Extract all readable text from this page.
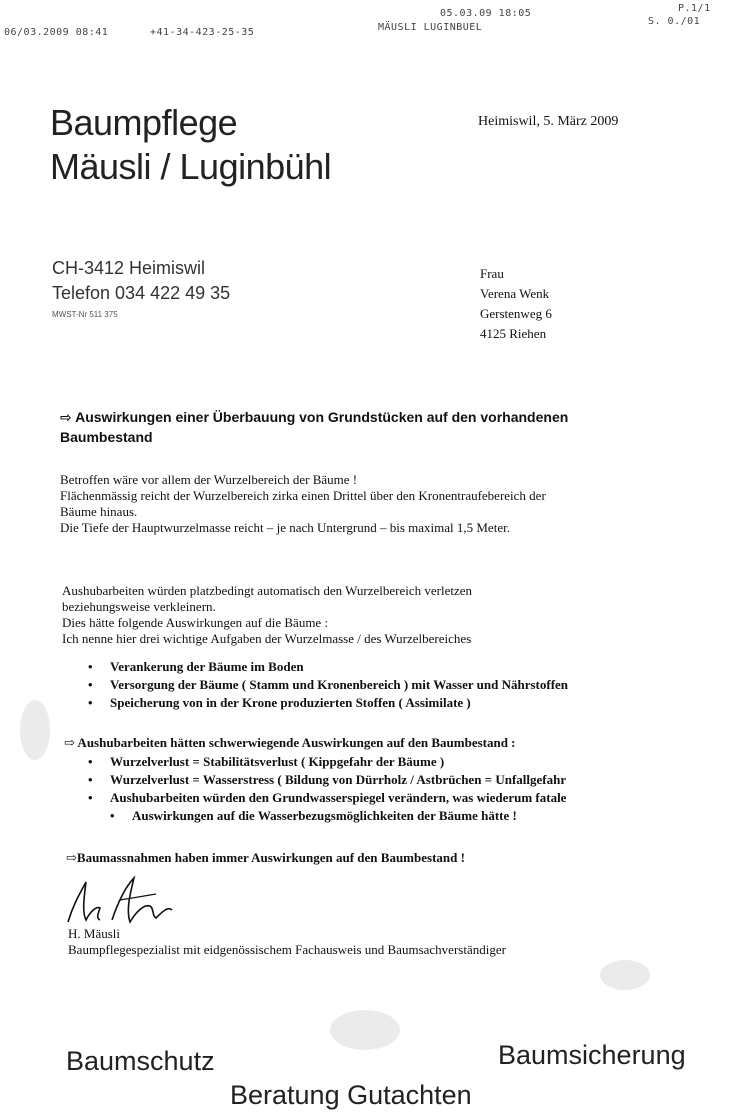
06/03.2009 08:41	+41-34-423-25-35
05.03.09 18:05
MÄUSLI LUGINBUEL
P.1/1
S. 0./01
Baumpflege
Mäusli / Luginbühl
CH-3412 Heimiswil
Telefon 034 422 49 35
MWST-Nr 511 375
Heimiswil, 5. März 2009
Frau
Verena Wenk
Gerstenweg 6
4125 Riehen
⇨ Auswirkungen einer Überbauung von Grundstücken auf den vorhandenen
Baumbestand
Betroffen wäre vor allem der Wurzelbereich der Bäume !
Flächenmässig reicht der Wurzelbereich zirka einen Drittel über den Kronentraufebereich der
Bäume hinaus.
Die Tiefe der Hauptwurzelmasse reicht – je nach Untergrund – bis maximal 1,5 Meter.
Aushubarbeiten würden platzbedingt automatisch den Wurzelbereich verletzen
beziehungsweise verkleinern.
Dies hätte folgende Auswirkungen auf die Bäume :
Ich nenne hier drei wichtige Aufgaben der Wurzelmasse / des Wurzelbereiches
• Verankerung der Bäume im Boden
• Versorgung der Bäume ( Stamm und Kronenbereich ) mit Wasser und Nährstoffen
• Speicherung von in der Krone produzierten Stoffen ( Assimilate )
⇨ Aushubarbeiten hätten schwerwiegende Auswirkungen auf den Baumbestand :
• Wurzelverlust = Stabilitätsverlust ( Kippgefahr der Bäume )
• Wurzelverlust = Wasserstress ( Bildung von Dürrholz / Astbrüchen = Unfallgefahr
• Aushubarbeiten würden den Grundwasserspiegel verändern, was wiederum fatale
• Auswirkungen auf die Wasserbezugsmöglichkeiten der Bäume hätte !
⇨Baumassnahmen haben immer Auswirkungen auf den Baumbestand !
H. Mäusli
Baumpflegespezialist mit eidgenössischem Fachausweis und Baumsachverständiger
Baumschutz	Baumsicherung
Beratung Gutachten
